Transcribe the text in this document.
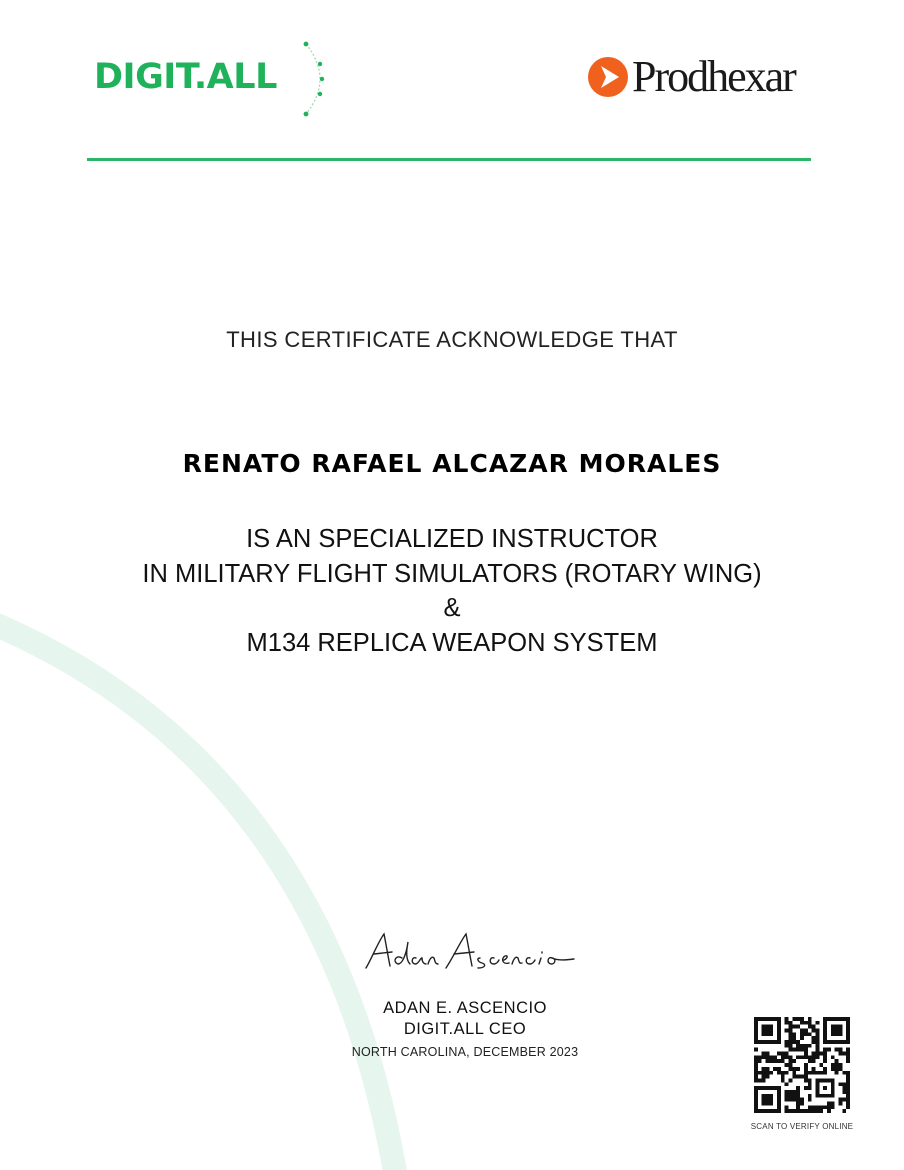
DIGIT.ALL	Prodhexar
THIS CERTIFICATE ACKNOWLEDGE THAT
RENATO RAFAEL ALCAZAR MORALES
IS AN SPECIALIZED INSTRUCTOR
IN MILITARY FLIGHT SIMULATORS (ROTARY WING)
&
M134 REPLICA WEAPON SYSTEM
ADAN E. ASCENCIO
DIGIT.ALL CEO
NORTH CAROLINA, DECEMBER 2023
SCAN TO VERIFY ONLINE
